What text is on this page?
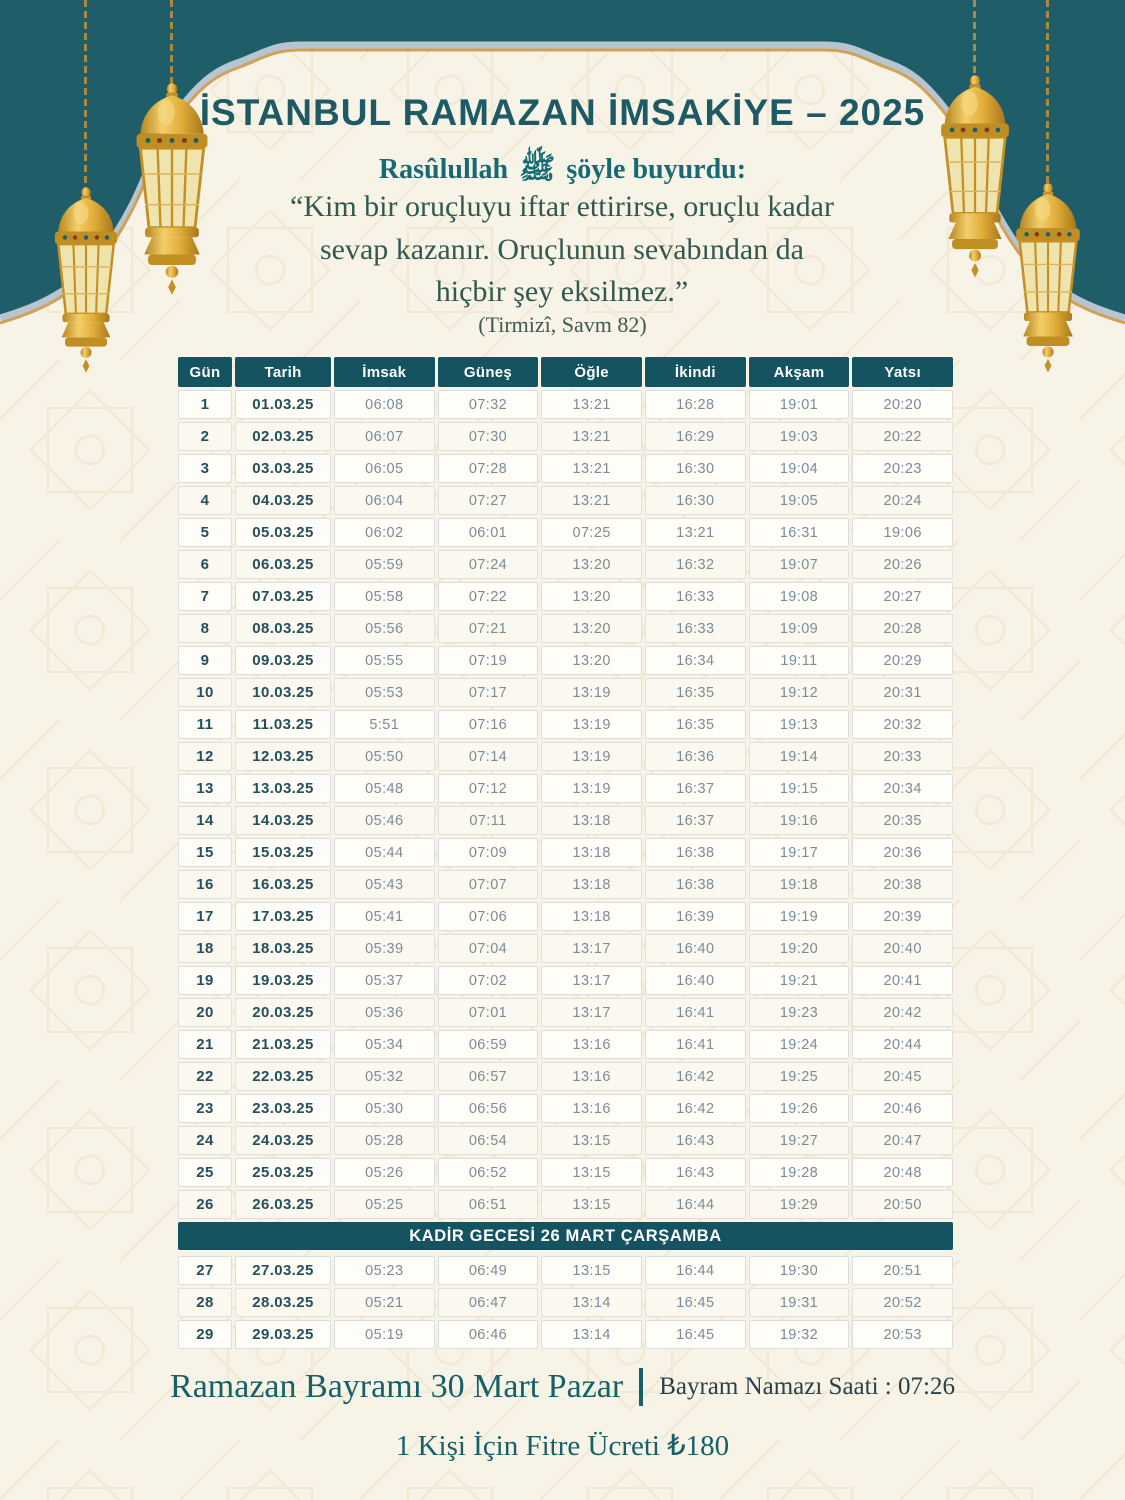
İSTANBUL RAMAZAN İMSAKİYE – 2025
Rasûlullah ﷺ şöyle buyurdu:
“Kim bir oruçluyu iftar ettirirse, oruçlu kadar
sevap kazanır. Oruçlunun sevabından da
hiçbir şey eksilmez.”
(Tirmizî, Savm 82)
Gün	Tarih	İmsak	Güneş	Öğle	İkindi	Akşam	Yatsı
1	01.03.25	06:08	07:32	13:21	16:28	19:01	20:20
2	02.03.25	06:07	07:30	13:21	16:29	19:03	20:22
3	03.03.25	06:05	07:28	13:21	16:30	19:04	20:23
4	04.03.25	06:04	07:27	13:21	16:30	19:05	20:24
5	05.03.25	06:02	06:01	07:25	13:21	16:31	19:06
6	06.03.25	05:59	07:24	13:20	16:32	19:07	20:26
7	07.03.25	05:58	07:22	13:20	16:33	19:08	20:27
8	08.03.25	05:56	07:21	13:20	16:33	19:09	20:28
9	09.03.25	05:55	07:19	13:20	16:34	19:11	20:29
10	10.03.25	05:53	07:17	13:19	16:35	19:12	20:31
11	11.03.25	5:51	07:16	13:19	16:35	19:13	20:32
12	12.03.25	05:50	07:14	13:19	16:36	19:14	20:33
13	13.03.25	05:48	07:12	13:19	16:37	19:15	20:34
14	14.03.25	05:46	07:11	13:18	16:37	19:16	20:35
15	15.03.25	05:44	07:09	13:18	16:38	19:17	20:36
16	16.03.25	05:43	07:07	13:18	16:38	19:18	20:38
17	17.03.25	05:41	07:06	13:18	16:39	19:19	20:39
18	18.03.25	05:39	07:04	13:17	16:40	19:20	20:40
19	19.03.25	05:37	07:02	13:17	16:40	19:21	20:41
20	20.03.25	05:36	07:01	13:17	16:41	19:23	20:42
21	21.03.25	05:34	06:59	13:16	16:41	19:24	20:44
22	22.03.25	05:32	06:57	13:16	16:42	19:25	20:45
23	23.03.25	05:30	06:56	13:16	16:42	19:26	20:46
24	24.03.25	05:28	06:54	13:15	16:43	19:27	20:47
25	25.03.25	05:26	06:52	13:15	16:43	19:28	20:48
26	26.03.25	05:25	06:51	13:15	16:44	19:29	20:50
KADİR GECESİ 26 MART ÇARŞAMBA
27	27.03.25	05:23	06:49	13:15	16:44	19:30	20:51
28	28.03.25	05:21	06:47	13:14	16:45	19:31	20:52
29	29.03.25	05:19	06:46	13:14	16:45	19:32	20:53
Ramazan Bayramı 30 Mart Pazar Bayram Namazı Saati : 07:26
1 Kişi İçin Fitre Ücreti ₺180
